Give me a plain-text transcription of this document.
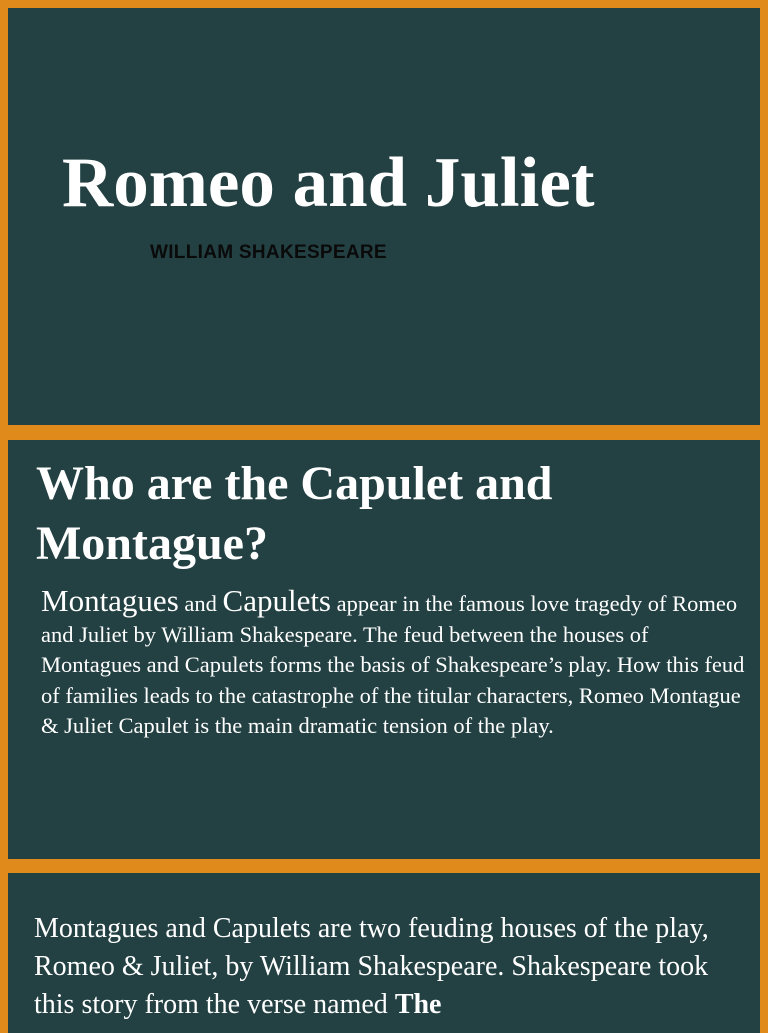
Romeo and Juliet

WILLIAM SHAKESPEARE

Who are the Capulet and Montague?

Montagues and Capulets appear in the famous love tragedy of Romeo and Juliet by William Shakespeare. The feud between the houses of Montagues and Capulets forms the basis of Shakespeare’s play. How this feud of families leads to the catastrophe of the titular characters, Romeo Montague & Juliet Capulet is the main dramatic tension of the play.

Montagues and Capulets are two feuding houses of the play, Romeo & Juliet, by William Shakespeare. Shakespeare took this story from the verse named The
